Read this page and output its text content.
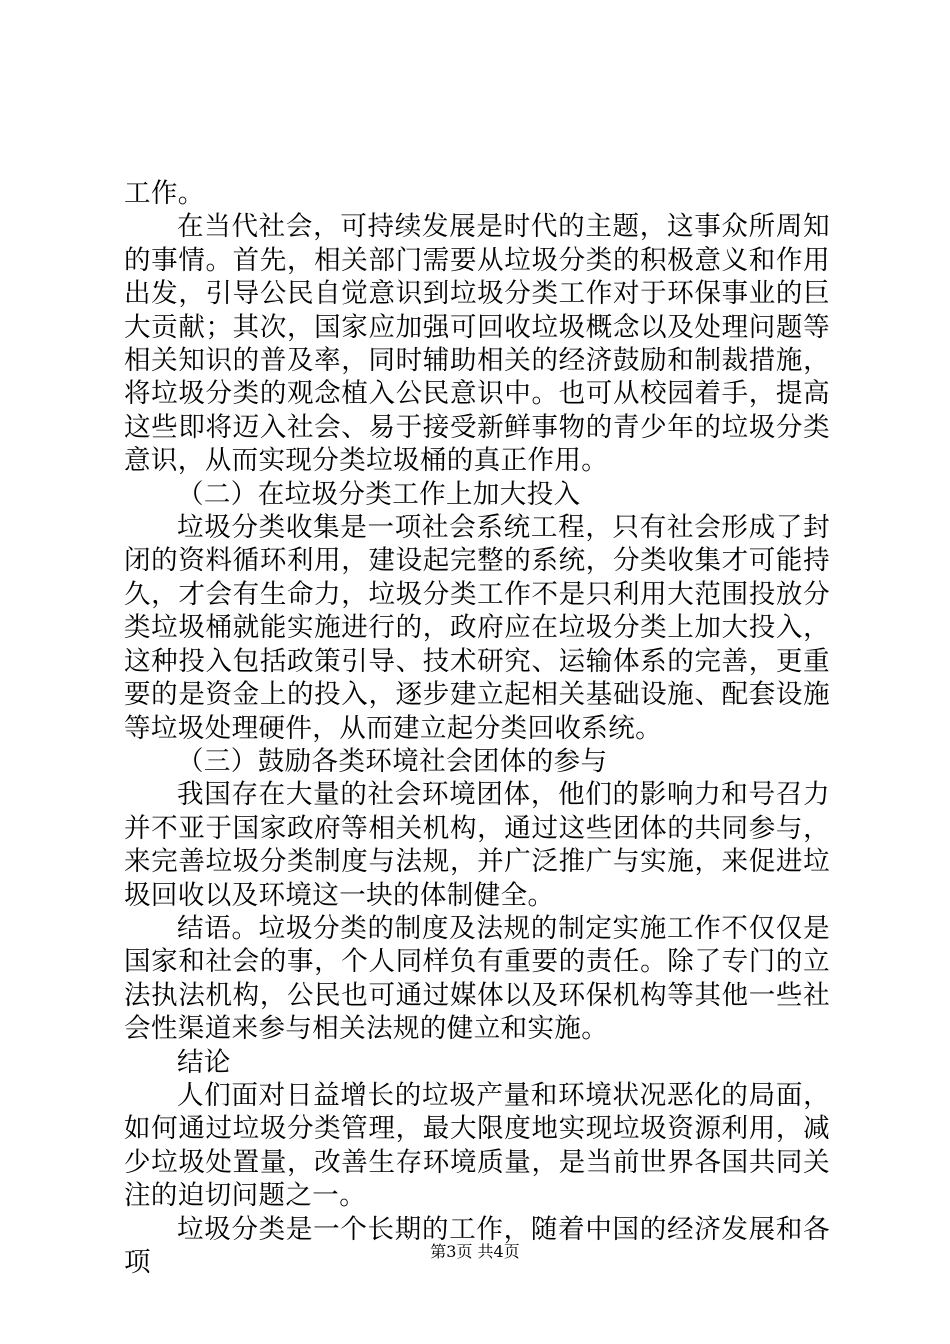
工作。

在当代社会，可持续发展是时代的主题，这事众所周知的事情。首先，相关部门需要从垃圾分类的积极意义和作用出发，引导公民自觉意识到垃圾分类工作对于环保事业的巨大贡献；其次，国家应加强可回收垃圾概念以及处理问题等相关知识的普及率，同时辅助相关的经济鼓励和制裁措施，将垃圾分类的观念植入公民意识中。也可从校园着手，提高这些即将迈入社会、易于接受新鲜事物的青少年的垃圾分类意识，从而实现分类垃圾桶的真正作用。

（二）在垃圾分类工作上加大投入

垃圾分类收集是一项社会系统工程，只有社会形成了封闭的资料循环利用，建设起完整的系统，分类收集才可能持久，才会有生命力，垃圾分类工作不是只利用大范围投放分类垃圾桶就能实施进行的，政府应在垃圾分类上加大投入，这种投入包括政策引导、技术研究、运输体系的完善，更重要的是资金上的投入，逐步建立起相关基础设施、配套设施等垃圾处理硬件，从而建立起分类回收系统。

（三）鼓励各类环境社会团体的参与

我国存在大量的社会环境团体，他们的影响力和号召力并不亚于国家政府等相关机构，通过这些团体的共同参与，来完善垃圾分类制度与法规，并广泛推广与实施，来促进垃圾回收以及环境这一块的体制健全。

结语。垃圾分类的制度及法规的制定实施工作不仅仅是国家和社会的事，个人同样负有重要的责任。除了专门的立法执法机构，公民也可通过媒体以及环保机构等其他一些社会性渠道来参与相关法规的健立和实施。

结论

人们面对日益增长的垃圾产量和环境状况恶化的局面，如何通过垃圾分类管理，最大限度地实现垃圾资源利用，减少垃圾处置量，改善生存环境质量，是当前世界各国共同关注的迫切问题之一。

垃圾分类是一个长期的工作，随着中国的经济发展和各项	第3页 共4页
